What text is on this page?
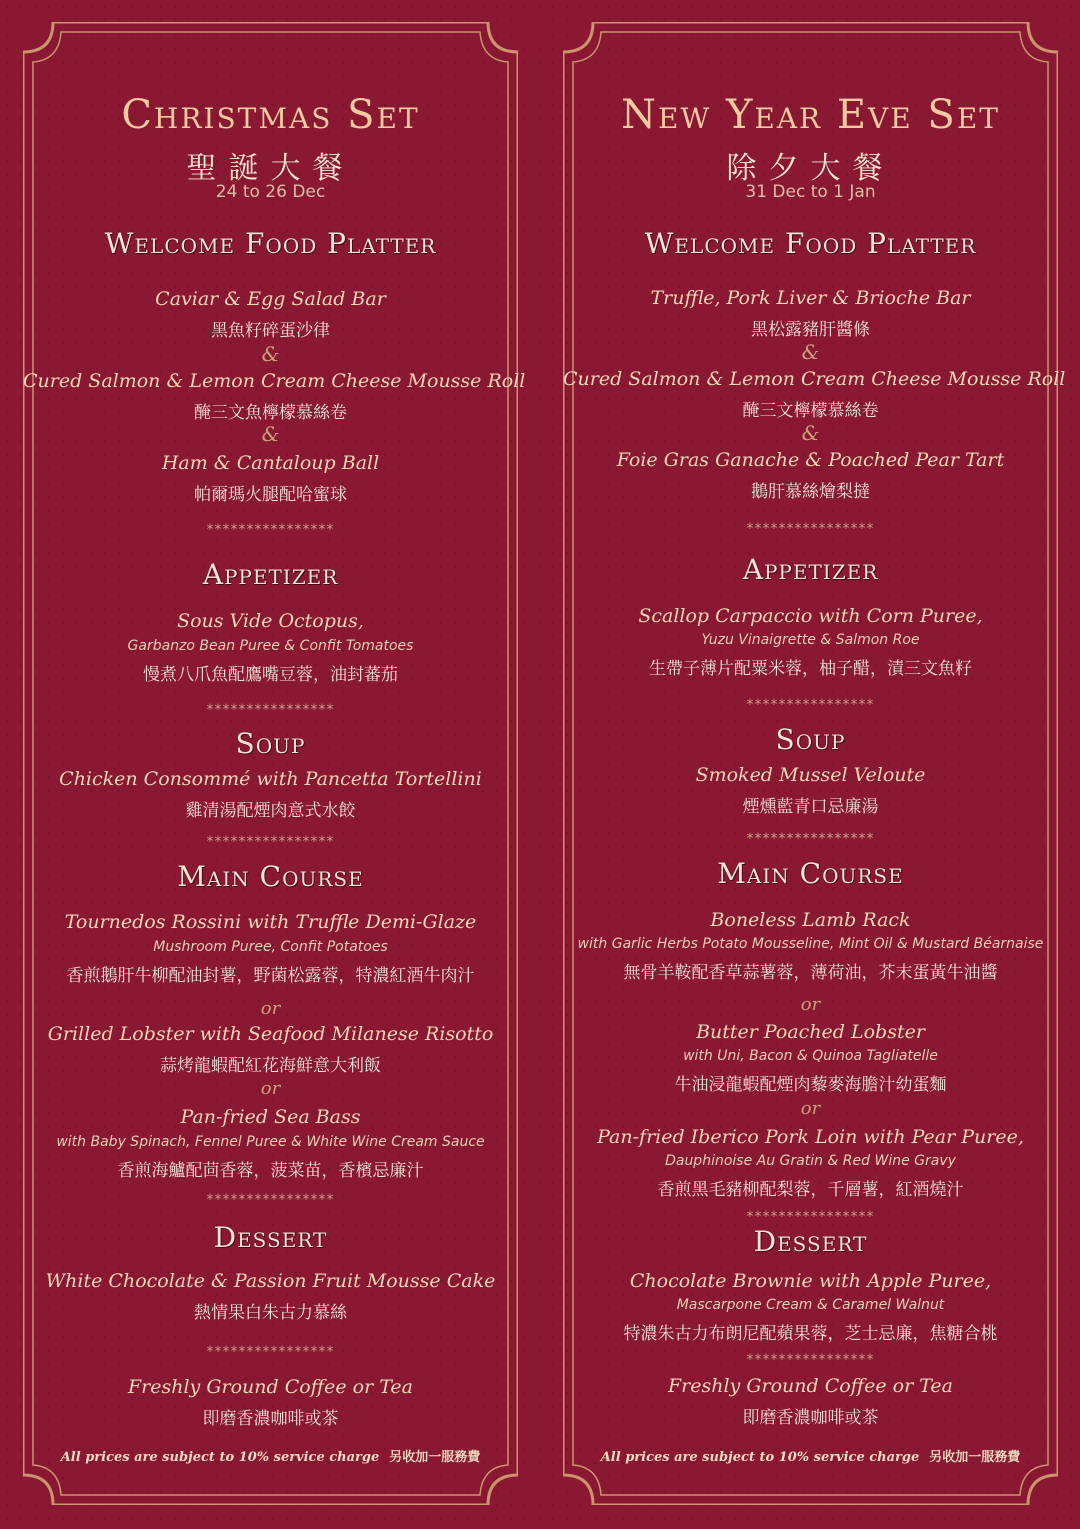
Christmas Set
聖誕大餐
24 to 26 Dec
Welcome Food Platter
Caviar & Egg Salad Bar
黑魚籽碎蛋沙律
&
Cured Salmon & Lemon Cream Cheese Mousse Roll
醃三文魚檸檬慕絲卷
&
Ham & Cantaloup Ball
帕爾瑪火腿配哈蜜球
****************
Appetizer
Sous Vide Octopus,
Garbanzo Bean Puree & Confit Tomatoes
慢煮八爪魚配鷹嘴豆蓉，油封蕃茄
****************
Soup
Chicken Consommé with Pancetta Tortellini
雞清湯配煙肉意式水餃
****************
Main Course
Tournedos Rossini with Truffle Demi-Glaze
Mushroom Puree, Confit Potatoes
香煎鵝肝牛柳配油封薯，野菌松露蓉，特濃紅酒牛肉汁
or
Grilled Lobster with Seafood Milanese Risotto
蒜烤龍蝦配紅花海鮮意大利飯
or
Pan-fried Sea Bass
with Baby Spinach, Fennel Puree & White Wine Cream Sauce
香煎海鱸配茴香蓉，菠菜苗，香檳忌廉汁
****************
Dessert
White Chocolate & Passion Fruit Mousse Cake
熱情果白朱古力慕絲
****************
Freshly Ground Coffee or Tea
即磨香濃咖啡或茶
All prices are subject to 10% service charge 另收加一服務費
New Year Eve Set
除夕大餐
31 Dec to 1 Jan
Welcome Food Platter
Truffle, Pork Liver & Brioche Bar
黑松露豬肝醬條
&
Cured Salmon & Lemon Cream Cheese Mousse Roll
醃三文檸檬慕絲卷
&
Foie Gras Ganache & Poached Pear Tart
鵝肝慕絲燴梨撻
****************
Appetizer
Scallop Carpaccio with Corn Puree,
Yuzu Vinaigrette & Salmon Roe
生帶子薄片配粟米蓉，柚子醋，漬三文魚籽
****************
Soup
Smoked Mussel Veloute
煙燻藍青口忌廉湯
****************
Main Course
Boneless Lamb Rack
with Garlic Herbs Potato Mousseline, Mint Oil & Mustard Béarnaise
無骨羊鞍配香草蒜薯蓉，薄荷油，芥末蛋黃牛油醬
or
Butter Poached Lobster
with Uni, Bacon & Quinoa Tagliatelle
牛油浸龍蝦配煙肉藜麥海膽汁幼蛋麵
or
Pan-fried Iberico Pork Loin with Pear Puree,
Dauphinoise Au Gratin & Red Wine Gravy
香煎黑毛豬柳配梨蓉，千層薯，紅酒燒汁
****************
Dessert
Chocolate Brownie with Apple Puree,
Mascarpone Cream & Caramel Walnut
特濃朱古力布朗尼配蘋果蓉，芝士忌廉，焦糖合桃
****************
Freshly Ground Coffee or Tea
即磨香濃咖啡或茶
All prices are subject to 10% service charge 另收加一服務費
